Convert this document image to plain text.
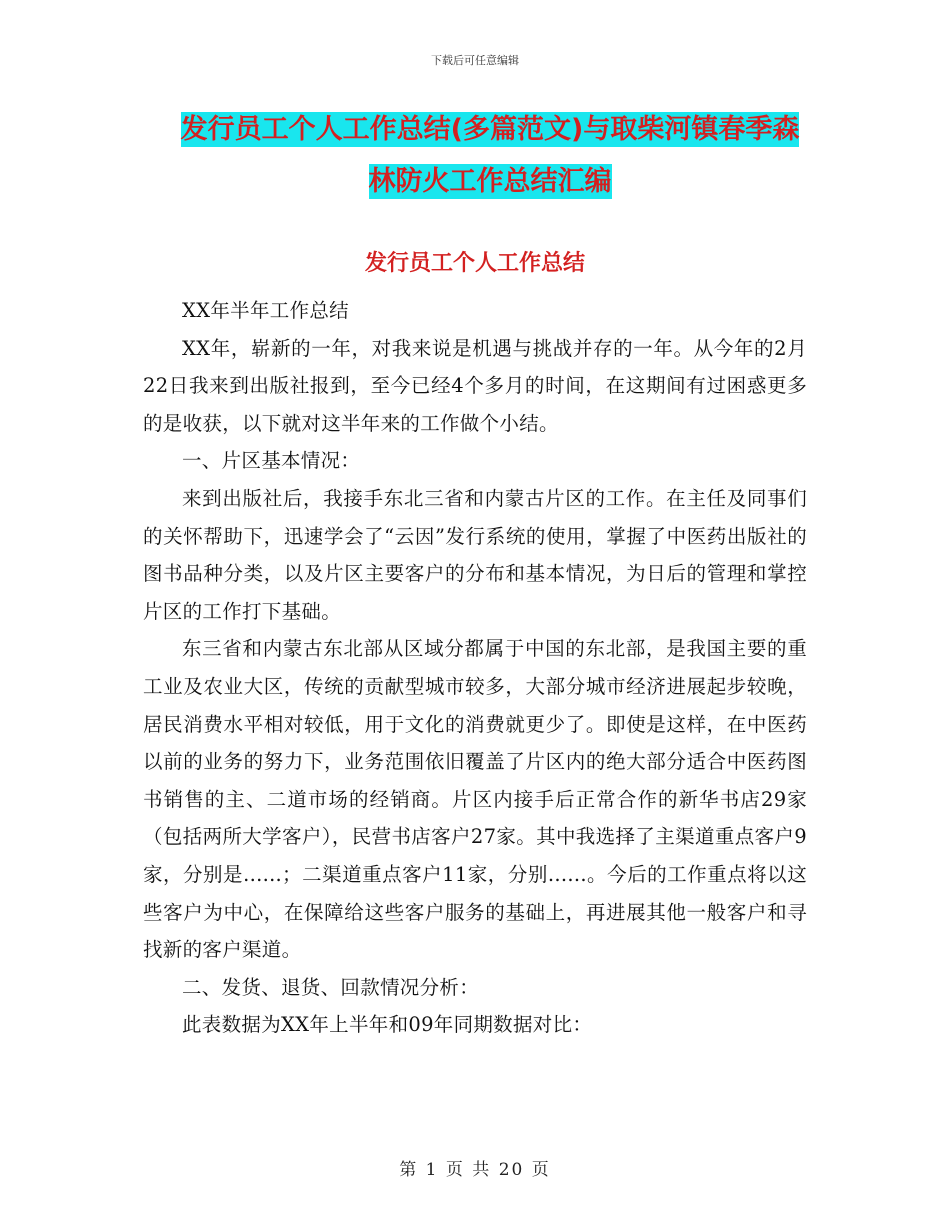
下载后可任意编辑
发行员工个人工作总结(多篇范文)与取柴河镇春季森
林防火工作总结汇编
发行员工个人工作总结

XX年半年工作总结

XX年，崭新的一年，对我来说是机遇与挑战并存的一年。从今年的2月22日我来到出版社报到，至今已经4个多月的时间，在这期间有过困惑更多的是收获，以下就对这半年来的工作做个小结。

一、片区基本情况：

来到出版社后，我接手东北三省和内蒙古片区的工作。在主任及同事们的关怀帮助下，迅速学会了“云因”发行系统的使用，掌握了中医药出版社的图书品种分类，以及片区主要客户的分布和基本情况，为日后的管理和掌控片区的工作打下基础。

东三省和内蒙古东北部从区域分都属于中国的东北部，是我国主要的重工业及农业大区，传统的贡献型城市较多，大部分城市经济进展起步较晚，居民消费水平相对较低，用于文化的消费就更少了。即使是这样，在中医药以前的业务的努力下，业务范围依旧覆盖了片区内的绝大部分适合中医药图书销售的主、二道市场的经销商。片区内接手后正常合作的新华书店29家（包括两所大学客户），民营书店客户27家。其中我选择了主渠道重点客户9家，分别是......；二渠道重点客户11家，分别......。今后的工作重点将以这些客户为中心，在保障给这些客户服务的基础上，再进展其他一般客户和寻找新的客户渠道。

二、发货、退货、回款情况分析：

此表数据为XX年上半年和09年同期数据对比：

第 1 页 共 20 页
